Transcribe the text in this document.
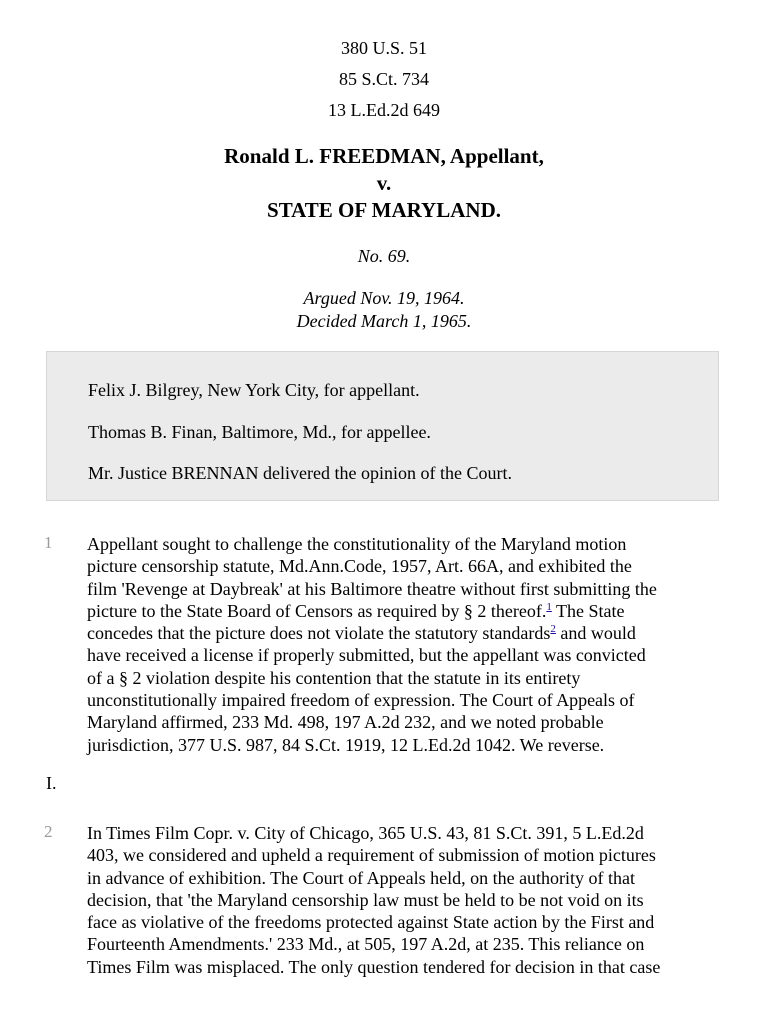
380 U.S. 51
85 S.Ct. 734
13 L.Ed.2d 649
Ronald L. FREEDMAN, Appellant,
v.
STATE OF MARYLAND.
No. 69.
Argued Nov. 19, 1964.
Decided March 1, 1965.
Felix J. Bilgrey, New York City, for appellant.
Thomas B. Finan, Baltimore, Md., for appellee.
Mr. Justice BRENNAN delivered the opinion of the Court.
1 Appellant sought to challenge the constitutionality of the Maryland motion
picture censorship statute, Md.Ann.Code, 1957, Art. 66A, and exhibited the
film 'Revenge at Daybreak' at his Baltimore theatre without first submitting the
picture to the State Board of Censors as required by § 2 thereof.$^1$ The State
concedes that the picture does not violate the statutory standards$^2$ and would
have received a license if properly submitted, but the appellant was convicted
of a § 2 violation despite his contention that the statute in its entirety
unconstitutionally impaired freedom of expression. The Court of Appeals of
Maryland affirmed, 233 Md. 498, 197 A.2d 232, and we noted probable
jurisdiction, 377 U.S. 987, 84 S.Ct. 1919, 12 L.Ed.2d 1042. We reverse.
I.
2 In Times Film Copr. v. City of Chicago, 365 U.S. 43, 81 S.Ct. 391, 5 L.Ed.2d
403, we considered and upheld a requirement of submission of motion pictures
in advance of exhibition. The Court of Appeals held, on the authority of that
decision, that 'the Maryland censorship law must be held to be not void on its
face as violative of the freedoms protected against State action by the First and
Fourteenth Amendments.' 233 Md., at 505, 197 A.2d, at 235. This reliance on
Times Film was misplaced. The only question tendered for decision in that case
